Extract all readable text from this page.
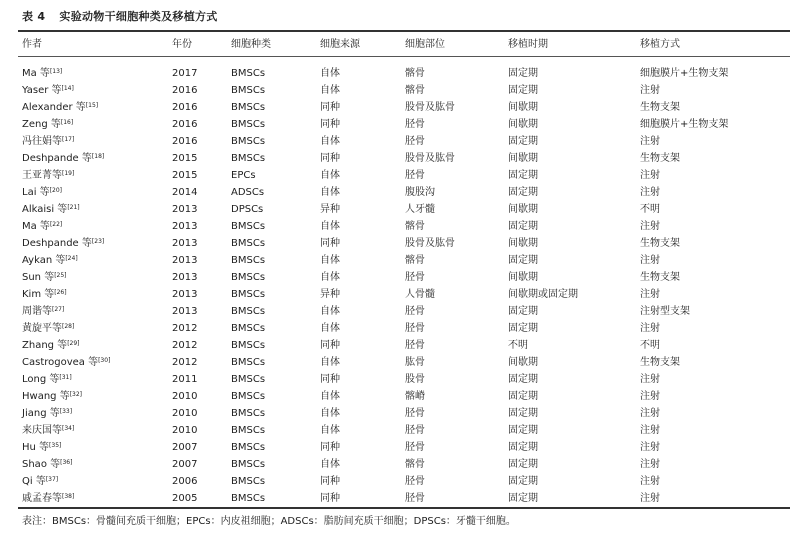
表 4 实验动物干细胞种类及移植方式
作者	年份	细胞种类	细胞来源	细胞部位	移植时期	移植方式
Ma 等[13]	2017	BMSCs	自体	髂骨	固定期	细胞膜片+生物支架
Yaser 等[14]	2016	BMSCs	自体	髂骨	固定期	注射
Alexander 等[15]	2016	BMSCs	同种	股骨及肱骨	间歇期	生物支架
Zeng 等[16]	2016	BMSCs	同种	胫骨	间歇期	细胞膜片+生物支架
冯往娟等[17]	2016	BMSCs	自体	胫骨	固定期	注射
Deshpande 等[18]	2015	BMSCs	同种	股骨及肱骨	间歇期	生物支架
王亚菁等[19]	2015	EPCs	自体	胫骨	固定期	注射
Lai 等[20]	2014	ADSCs	自体	腹股沟	固定期	注射
Alkaisi 等[21]	2013	DPSCs	异种	人牙髓	间歇期	不明
Ma 等[22]	2013	BMSCs	自体	髂骨	固定期	注射
Deshpande 等[23]	2013	BMSCs	同种	股骨及肱骨	间歇期	生物支架
Aykan 等[24]	2013	BMSCs	自体	髂骨	固定期	注射
Sun 等[25]	2013	BMSCs	自体	胫骨	间歇期	生物支架
Kim 等[26]	2013	BMSCs	异种	人骨髓	间歇期或固定期	注射
周谐等[27]	2013	BMSCs	自体	胫骨	固定期	注射型支架
黄旋平等[28]	2012	BMSCs	自体	胫骨	固定期	注射
Zhang 等[29]	2012	BMSCs	同种	胫骨	不明	不明
Castrogovea 等[30]	2012	BMSCs	自体	肱骨	间歇期	生物支架
Long 等[31]	2011	BMSCs	同种	股骨	固定期	注射
Hwang 等[32]	2010	BMSCs	自体	髂嵴	固定期	注射
Jiang 等[33]	2010	BMSCs	自体	胫骨	固定期	注射
来庆国等[34]	2010	BMSCs	自体	胫骨	固定期	注射
Hu 等[35]	2007	BMSCs	同种	胫骨	固定期	注射
Shao 等[36]	2007	BMSCs	自体	髂骨	固定期	注射
Qi 等[37]	2006	BMSCs	同种	胫骨	固定期	注射
戚孟春等[38]	2005	BMSCs	同种	胫骨	固定期	注射
表注：BMSCs：骨髓间充质干细胞；EPCs：内皮祖细胞；ADSCs：脂肪间充质干细胞；DPSCs：牙髓干细胞。
